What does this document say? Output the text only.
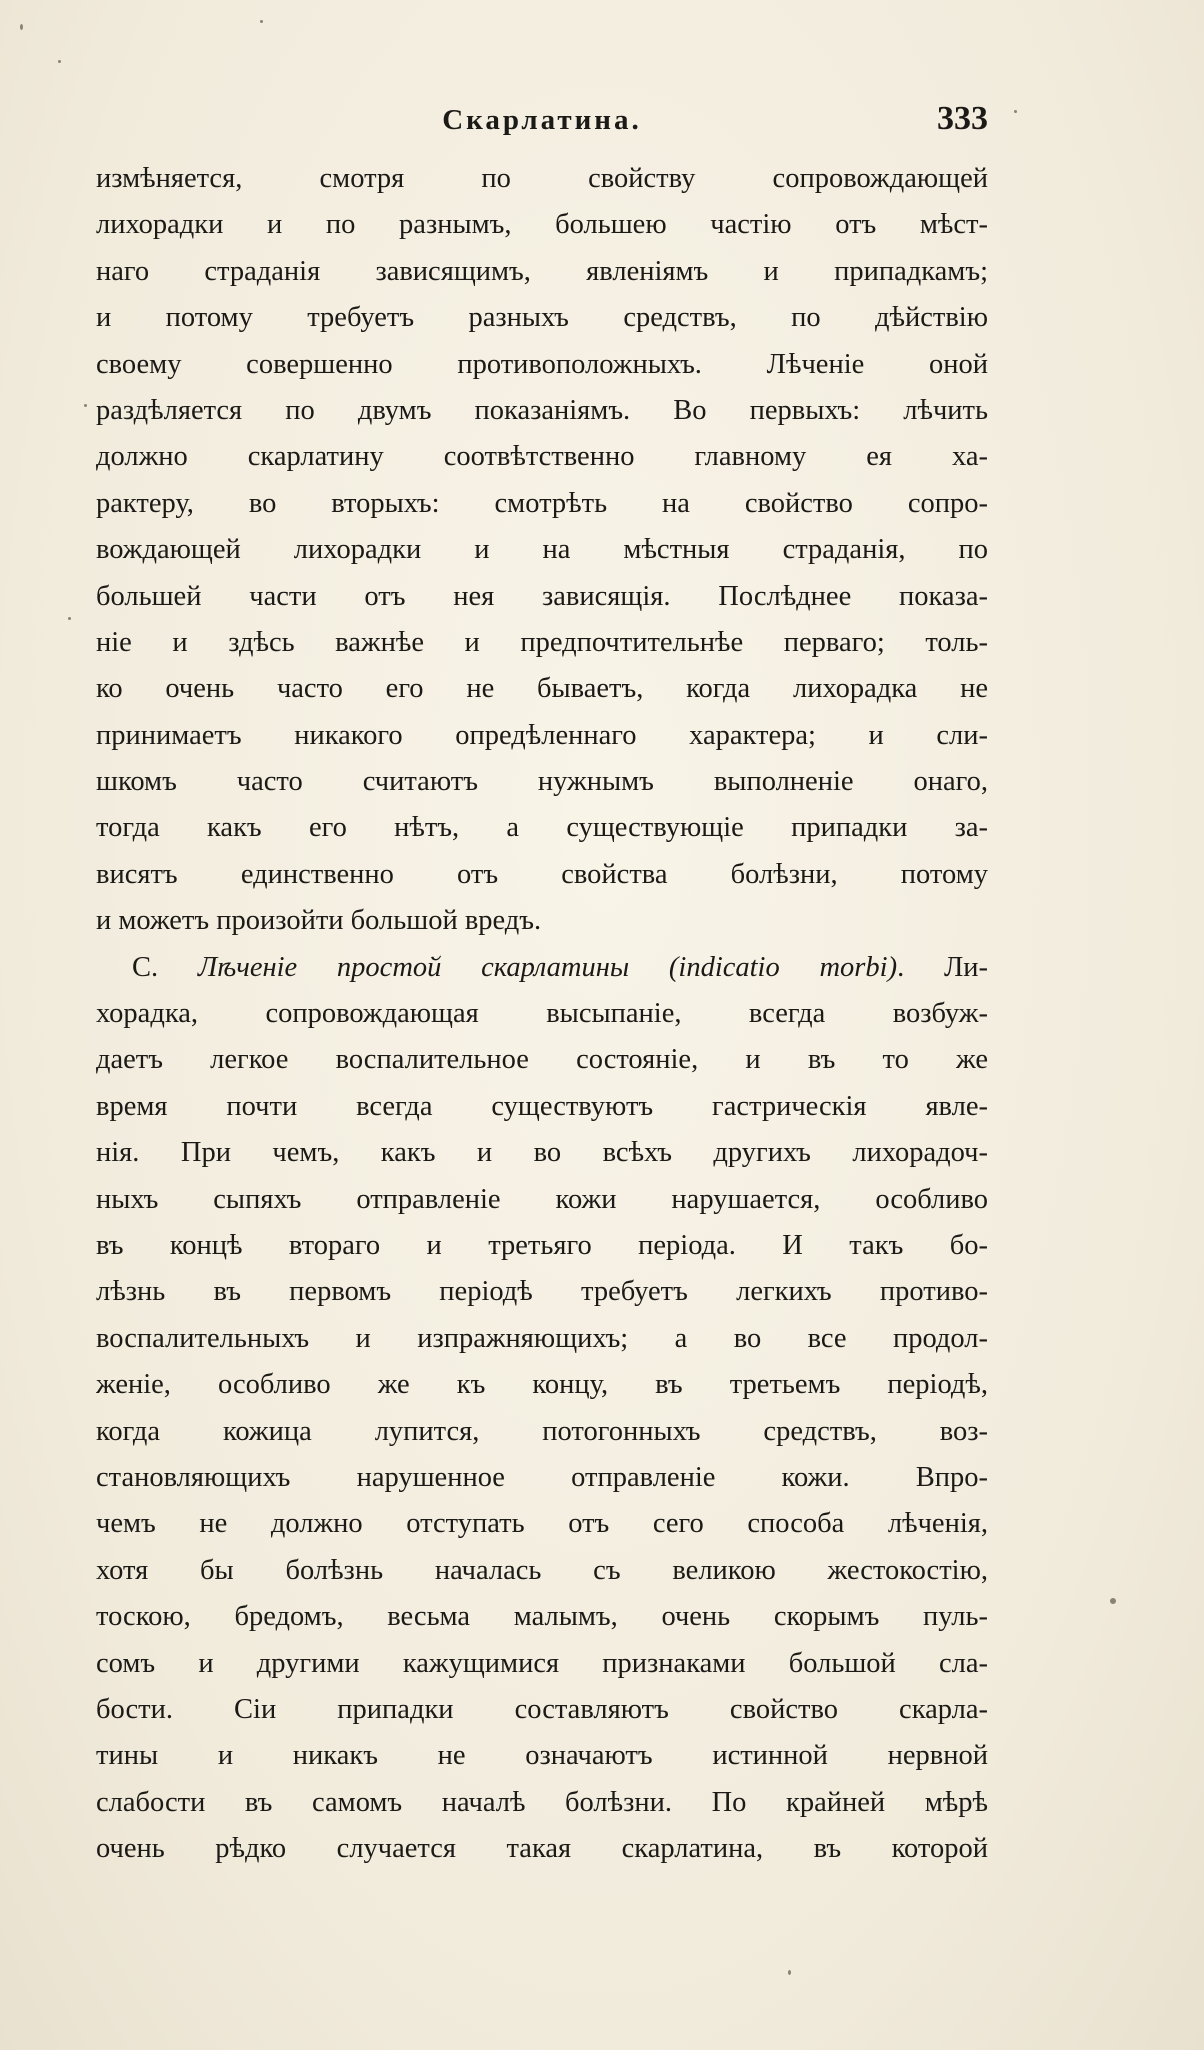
Скарлатина.	333
измѣняется, смотря по свойству сопровождающей
лихорадки и по разнымъ, большею частію отъ мѣст-
наго страданія зависящимъ, явленіямъ и припадкамъ;
и потому требуетъ разныхъ средствъ, по дѣйствію
своему совершенно противоположныхъ. Лѣченіе оной
раздѣляется по двумъ показаніямъ. Во первыхъ: лѣчить
должно скарлатину соотвѣтственно главному ея ха-
рактеру, во вторыхъ: смотрѣть на свойство сопро-
вождающей лихорадки и на мѣстныя страданія, по
большей части отъ нея зависящія. Послѣднее показа-
ніе и здѣсь важнѣе и предпочтительнѣе перваго; толь-
ко очень часто его не бываетъ, когда лихорадка не
принимаетъ никакого опредѣленнаго характера; и сли-
шкомъ часто считаютъ нужнымъ выполненіе онаго,
тогда какъ его нѣтъ, а существующіе припадки за-
висятъ единственно отъ свойства болѣзни, потому
и можетъ произойти большой вредъ.
С. Лѣченіе простой скарлатины (indicatio morbi). Ли-
хорадка, сопровождающая высыпаніе, всегда возбуж-
даетъ легкое воспалительное состояніе, и въ то же
время почти всегда существуютъ гастрическія явле-
нія. При чемъ, какъ и во всѣхъ другихъ лихорадоч-
ныхъ сыпяхъ отправленіе кожи нарушается, особливо
въ концѣ втораго и третьяго періода. И такъ бо-
лѣзнь въ первомъ періодѣ требуетъ легкихъ противо-
воспалительныхъ и изпражняющихъ; а во все продол-
женіе, особливо же къ концу, въ третьемъ періодѣ,
когда кожица лупится, потогонныхъ средствъ, воз-
становляющихъ нарушенное отправленіе кожи. Впро-
чемъ не должно отступать отъ сего способа лѣченія,
хотя бы болѣзнь началась съ великою жестокостію,
тоскою, бредомъ, весьма малымъ, очень скорымъ пуль-
сомъ и другими кажущимися признаками большой сла-
бости. Сіи припадки составляютъ свойство скарла-
тины и никакъ не означаютъ истинной нервной
слабости въ самомъ началѣ болѣзни. По крайней мѣрѣ
очень рѣдко случается такая скарлатина, въ которой
